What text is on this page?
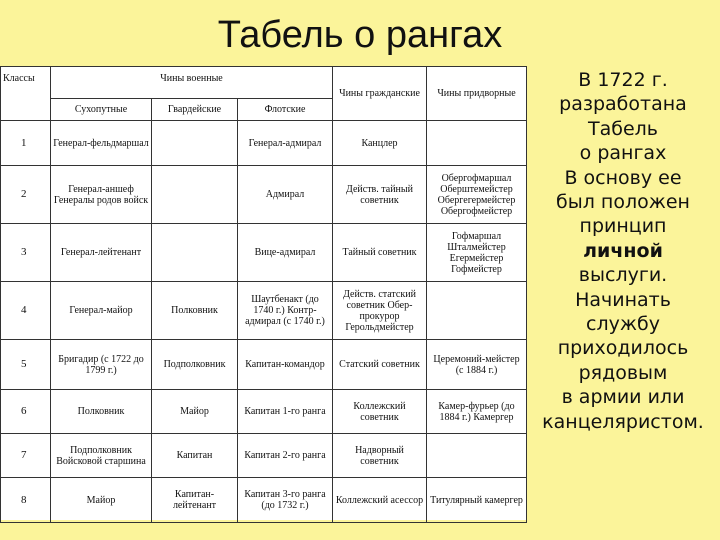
Табель о рангах
Классы	Чины военные			Чины гражданские	Чины придворные
	Сухопутные	Гвардейские	Флотские		
1	Генерал-фельдмаршал		Генерал-адмирал	Канцлер	
2	Генерал-аншеф Генералы родов войск		Адмирал	Действ. тайный советник	Обергофмаршал Оберштемейстер Обергегермейстер Обергофмейстер
3	Генерал-лейтенант		Вице-адмирал	Тайный советник	Гофмаршал Шталмейстер Егермейстер Гофмейстер
4	Генерал-майор	Полковник	Шаутбенакт (до 1740 г.) Контр-адмирал (с 1740 г.)	Действ. статский советник Обер-прокурор Герольдмейстер	
5	Бригадир (с 1722 до 1799 г.)	Подполковник	Капитан-командор	Статский советник	Церемоний-мейстер (с 1884 г.)
6	Полковник	Майор	Капитан 1-го ранга	Коллежский советник	Камер-фурьер (до 1884 г.) Камергер
7	Подполковник Войсковой старшина	Капитан	Капитан 2-го ранга	Надворный советник	
8	Майор	Капитан-лейтенант	Капитан 3-го ранга (до 1732 г.)	Коллежский асессор	Титулярный камергер
В 1722 г.
разработана
Табель
о рангах
В основу ее
был положен
принцип
личной
выслуги.
Начинать
службу
приходилось
рядовым
в армии или
канцеляристом.
